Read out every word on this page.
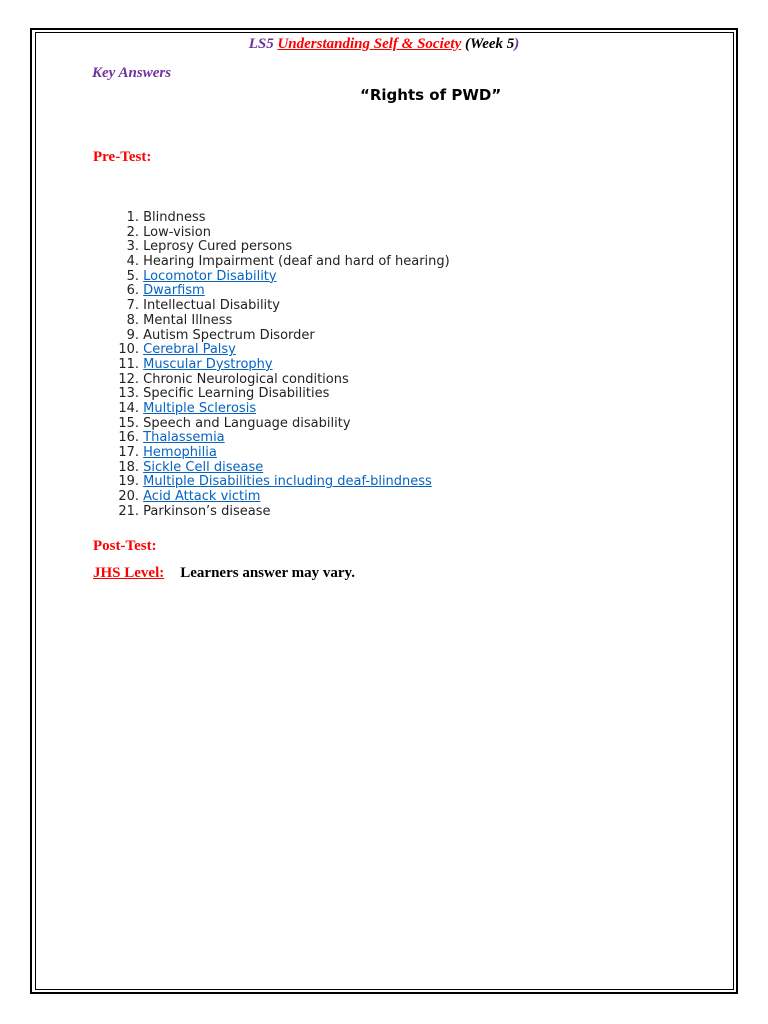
LS5 Understanding Self & Society (Week 5)
Key Answers
“Rights of PWD”
Pre-Test:
1. Blindness
2. Low-vision
3. Leprosy Cured persons
4. Hearing Impairment (deaf and hard of hearing)
5. Locomotor Disability
6. Dwarfism
7. Intellectual Disability
8. Mental Illness
9. Autism Spectrum Disorder
10. Cerebral Palsy
11. Muscular Dystrophy
12. Chronic Neurological conditions
13. Specific Learning Disabilities
14. Multiple Sclerosis
15. Speech and Language disability
16. Thalassemia
17. Hemophilia
18. Sickle Cell disease
19. Multiple Disabilities including deaf-blindness
20. Acid Attack victim
21. Parkinson’s disease
Post-Test:
JHS Level: Learners answer may vary.
